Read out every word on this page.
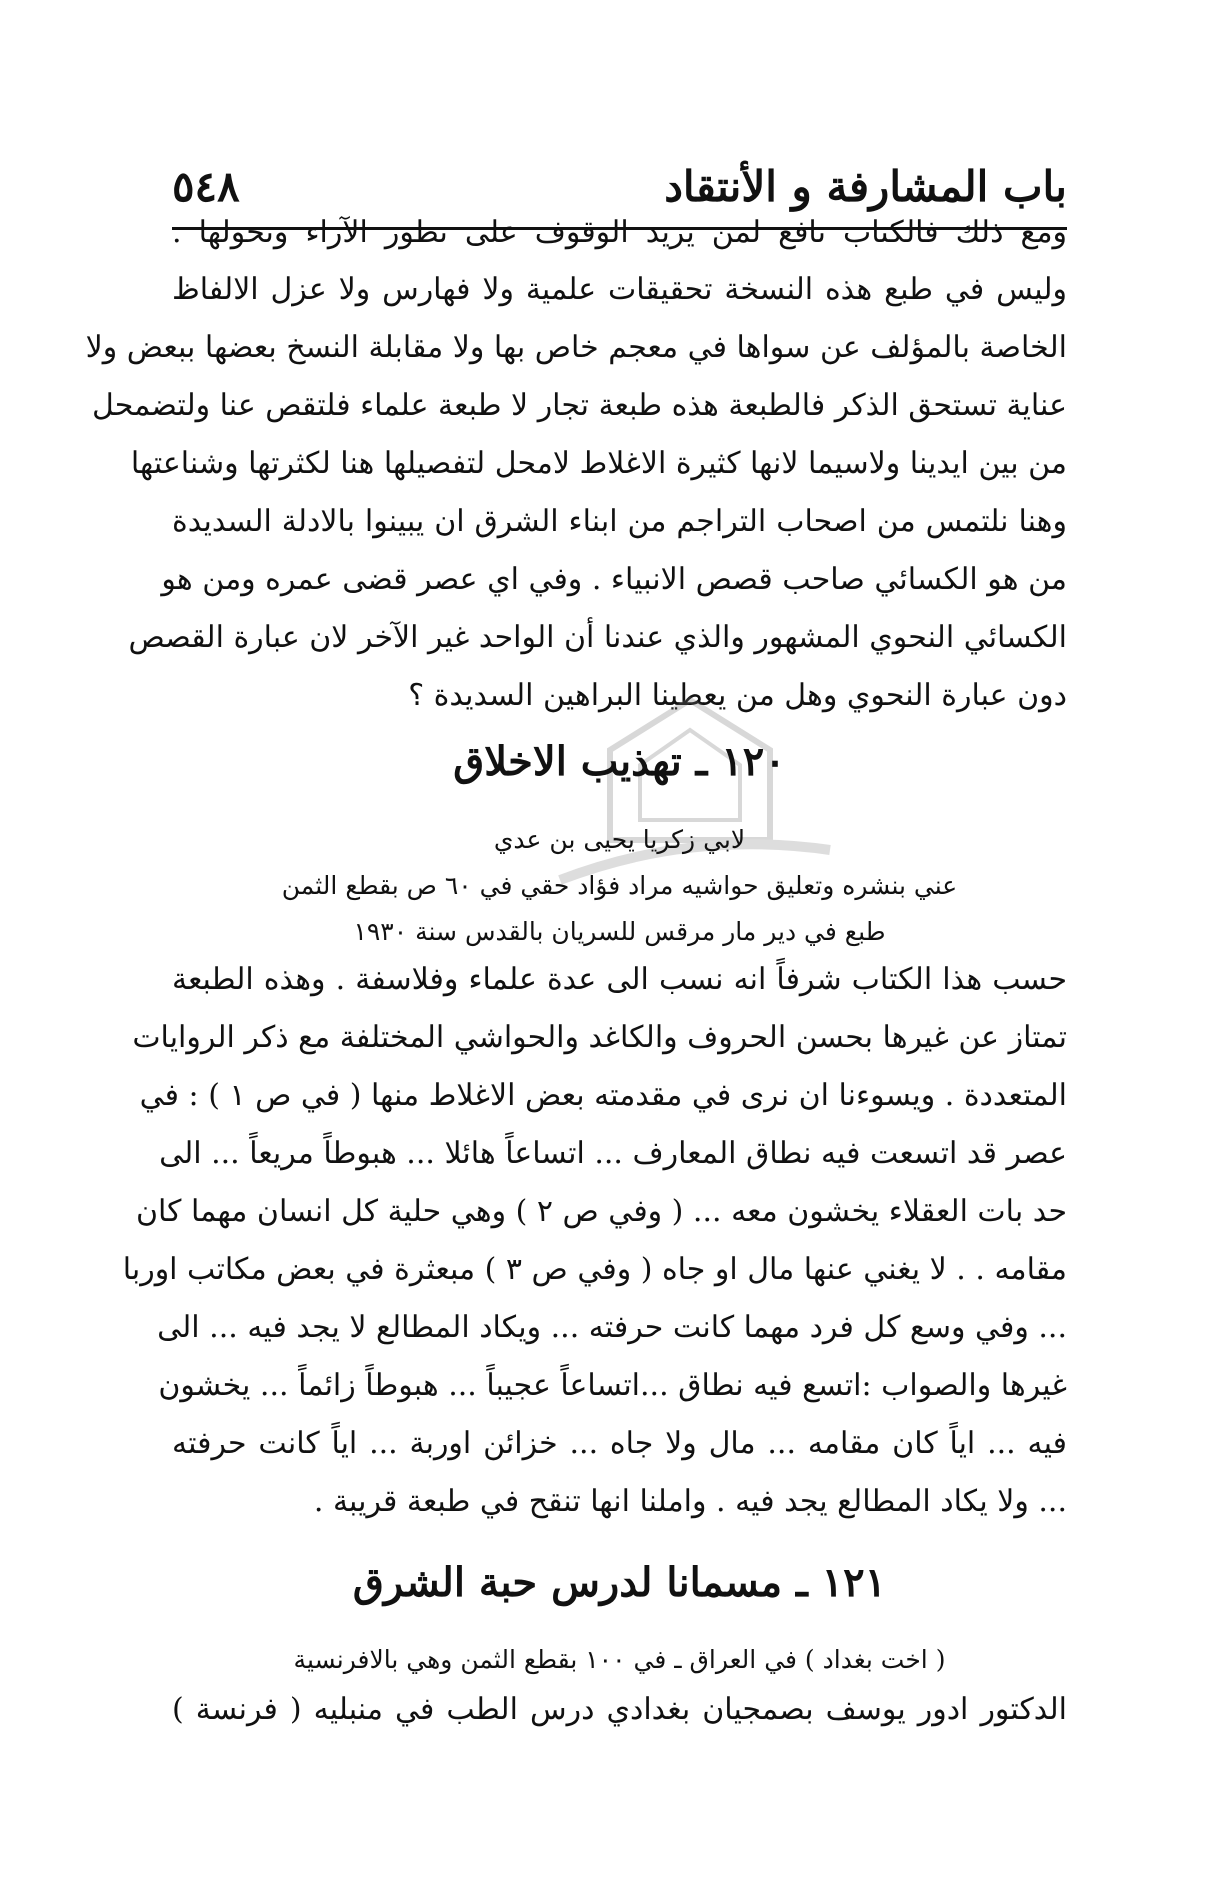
باب المشارفة و الأنتقاد
٥٤٨
ومع ذلك فالكتاب نافع لمن يريد الوقوف على تطور الآراء وتحولها .
وليس في طبع هذه النسخة تحقيقات علمية ولا فهارس ولا عزل الالفاظ
الخاصة بالمؤلف عن سواها في معجم خاص بها ولا مقابلة النسخ بعضها ببعض ولا
عناية تستحق الذكر فالطبعة هذه طبعة تجار لا طبعة علماء فلتقص عنا ولتضمحل
من بين ايدينا ولاسيما لانها كثيرة الاغلاط لامحل لتفصيلها هنا لكثرتها وشناعتها
وهنا نلتمس من اصحاب التراجم من ابناء الشرق ان يبينوا بالادلة السديدة
من هو الكسائي صاحب قصص الانبياء . وفي اي عصر قضى عمره ومن هو
الكسائي النحوي المشهور والذي عندنا أن الواحد غير الآخر لان عبارة القصص
دون عبارة النحوي وهل من يعطينا البراهين السديدة ؟
١٢٠ ـ تهذيب الاخلاق
لابي زكريا يحيى بن عدي
عني بنشره وتعليق حواشيه مراد فؤاد حقي في ٦٠ ص بقطع الثمن
طبع في دير مار مرقس للسريان بالقدس سنة ١٩٣٠
حسب هذا الكتاب شرفاً انه نسب الى عدة علماء وفلاسفة . وهذه الطبعة
تمتاز عن غيرها بحسن الحروف والكاغد والحواشي المختلفة مع ذكر الروايات
المتعددة . ويسوءنا ان نرى في مقدمته بعض الاغلاط منها ( في ص ١ ) : في
عصر قد اتسعت فيه نطاق المعارف ... اتساعاً هائلا ... هبوطاً مريعاً ... الى
حد بات العقلاء يخشون معه ... ( وفي ص ٢ ) وهي حلية كل انسان مهما كان
مقامه . . لا يغني عنها مال او جاه ( وفي ص ٣ ) مبعثرة في بعض مكاتب اوربا
... وفي وسع كل فرد مهما كانت حرفته ... ويكاد المطالع لا يجد فيه ... الى
غيرها والصواب :اتسع فيه نطاق ...اتساعاً عجيباً ... هبوطاً زائماً ... يخشون
فيه ... اياً كان مقامه ... مال ولا جاه ... خزائن اوربة ... اياً كانت حرفته
... ولا يكاد المطالع يجد فيه . واملنا انها تنقح في طبعة قريبة .
١٢١ ـ مسمانا لدرس حبة الشرق
( اخت بغداد ) في العراق ـ في ١٠٠ بقطع الثمن وهي بالافرنسية
الدكتور ادور يوسف بصمجيان بغدادي درس الطب في منبليه ( فرنسة )
